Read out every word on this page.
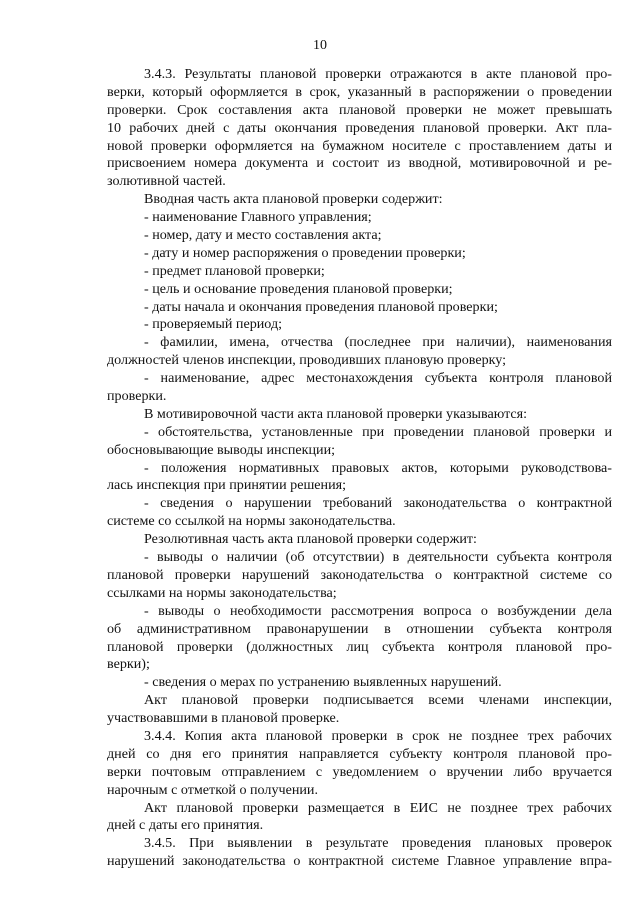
10
3.4.3. Результаты плановой проверки отражаются в акте плановой про-
верки, который оформляется в срок, указанный в распоряжении о проведении
проверки. Срок составления акта плановой проверки не может превышать
10 рабочих дней с даты окончания проведения плановой проверки. Акт пла-
новой проверки оформляется на бумажном носителе с проставлением даты и
присвоением номера документа и состоит из вводной, мотивировочной и ре-
золютивной частей.
Вводная часть акта плановой проверки содержит:
- наименование Главного управления;
- номер, дату и место составления акта;
- дату и номер распоряжения о проведении проверки;
- предмет плановой проверки;
- цель и основание проведения плановой проверки;
- даты начала и окончания проведения плановой проверки;
- проверяемый период;
- фамилии, имена, отчества (последнее при наличии), наименования
должностей членов инспекции, проводивших плановую проверку;
- наименование, адрес местонахождения субъекта контроля плановой
проверки.
В мотивировочной части акта плановой проверки указываются:
- обстоятельства, установленные при проведении плановой проверки и
обосновывающие выводы инспекции;
- положения нормативных правовых актов, которыми руководствова-
лась инспекция при принятии решения;
- сведения о нарушении требований законодательства о контрактной
системе со ссылкой на нормы законодательства.
Резолютивная часть акта плановой проверки содержит:
- выводы о наличии (об отсутствии) в деятельности субъекта контроля
плановой проверки нарушений законодательства о контрактной системе со
ссылками на нормы законодательства;
- выводы о необходимости рассмотрения вопроса о возбуждении дела
об административном правонарушении в отношении субъекта контроля
плановой проверки (должностных лиц субъекта контроля плановой про-
верки);
- сведения о мерах по устранению выявленных нарушений.
Акт плановой проверки подписывается всеми членами инспекции,
участвовавшими в плановой проверке.
3.4.4. Копия акта плановой проверки в срок не позднее трех рабочих
дней со дня его принятия направляется субъекту контроля плановой про-
верки почтовым отправлением с уведомлением о вручении либо вручается
нарочным с отметкой о получении.
Акт плановой проверки размещается в ЕИС не позднее трех рабочих
дней с даты его принятия.
3.4.5. При выявлении в результате проведения плановых проверок
нарушений законодательства о контрактной системе Главное управление впра-
